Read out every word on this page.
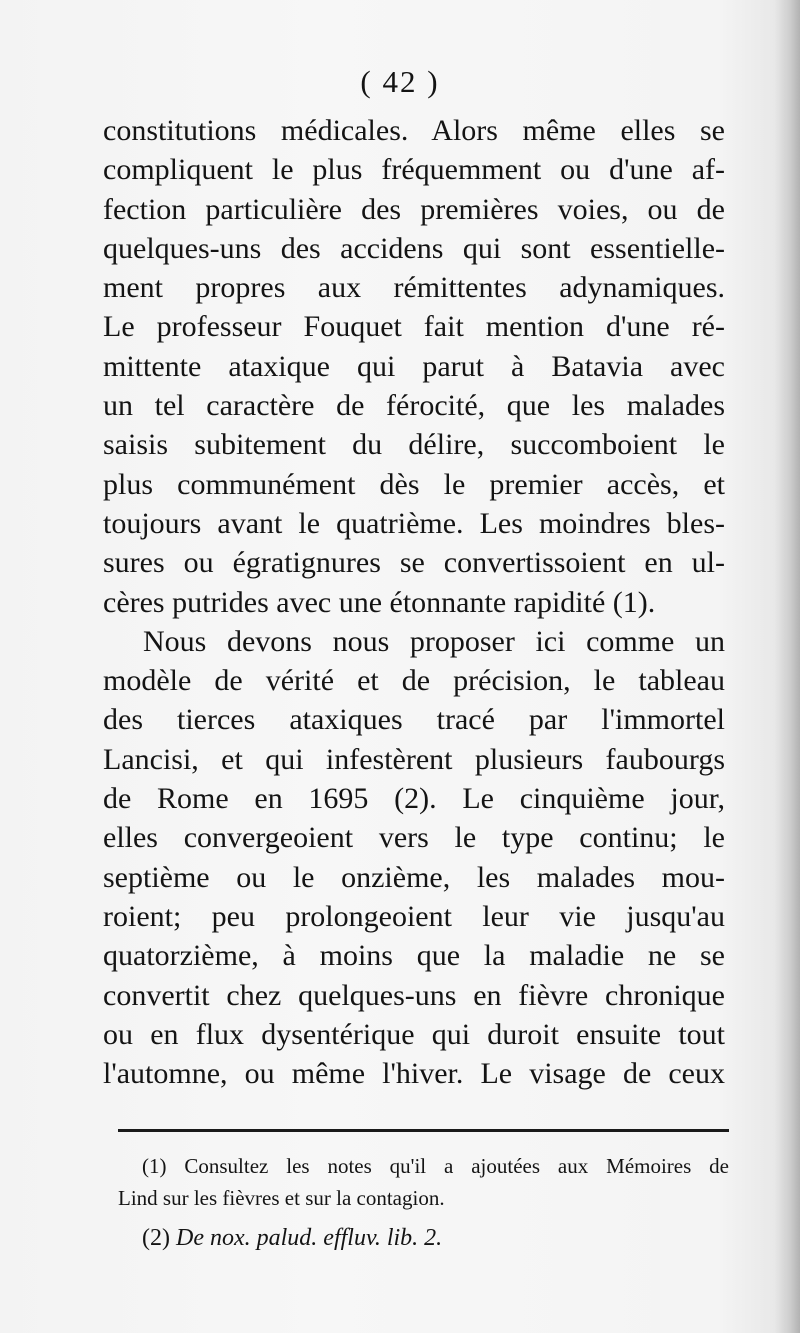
( 42 )
constitutions médicales. Alors même elles se
compliquent le plus fréquemment ou d'une af-
fection particulière des premières voies, ou de
quelques-uns des accidens qui sont essentielle-
ment propres aux rémittentes adynamiques.
Le professeur Fouquet fait mention d'une ré-
mittente ataxique qui parut à Batavia avec
un tel caractère de férocité, que les malades
saisis subitement du délire, succomboient le
plus communément dès le premier accès, et
toujours avant le quatrième. Les moindres bles-
sures ou égratignures se convertissoient en ul-
cères putrides avec une étonnante rapidité (1).
Nous devons nous proposer ici comme un
modèle de vérité et de précision, le tableau
des tierces ataxiques tracé par l'immortel
Lancisi, et qui infestèrent plusieurs faubourgs
de Rome en 1695 (2). Le cinquième jour,
elles convergeoient vers le type continu; le
septième ou le onzième, les malades mou-
roient; peu prolongeoient leur vie jusqu'au
quatorzième, à moins que la maladie ne se
convertit chez quelques-uns en fièvre chronique
ou en flux dysentérique qui duroit ensuite tout
l'automne, ou même l'hiver. Le visage de ceux
(1) Consultez les notes qu'il a ajoutées aux Mémoires de
Lind sur les fièvres et sur la contagion.
(2) De nox. palud. effluv. lib. 2.
